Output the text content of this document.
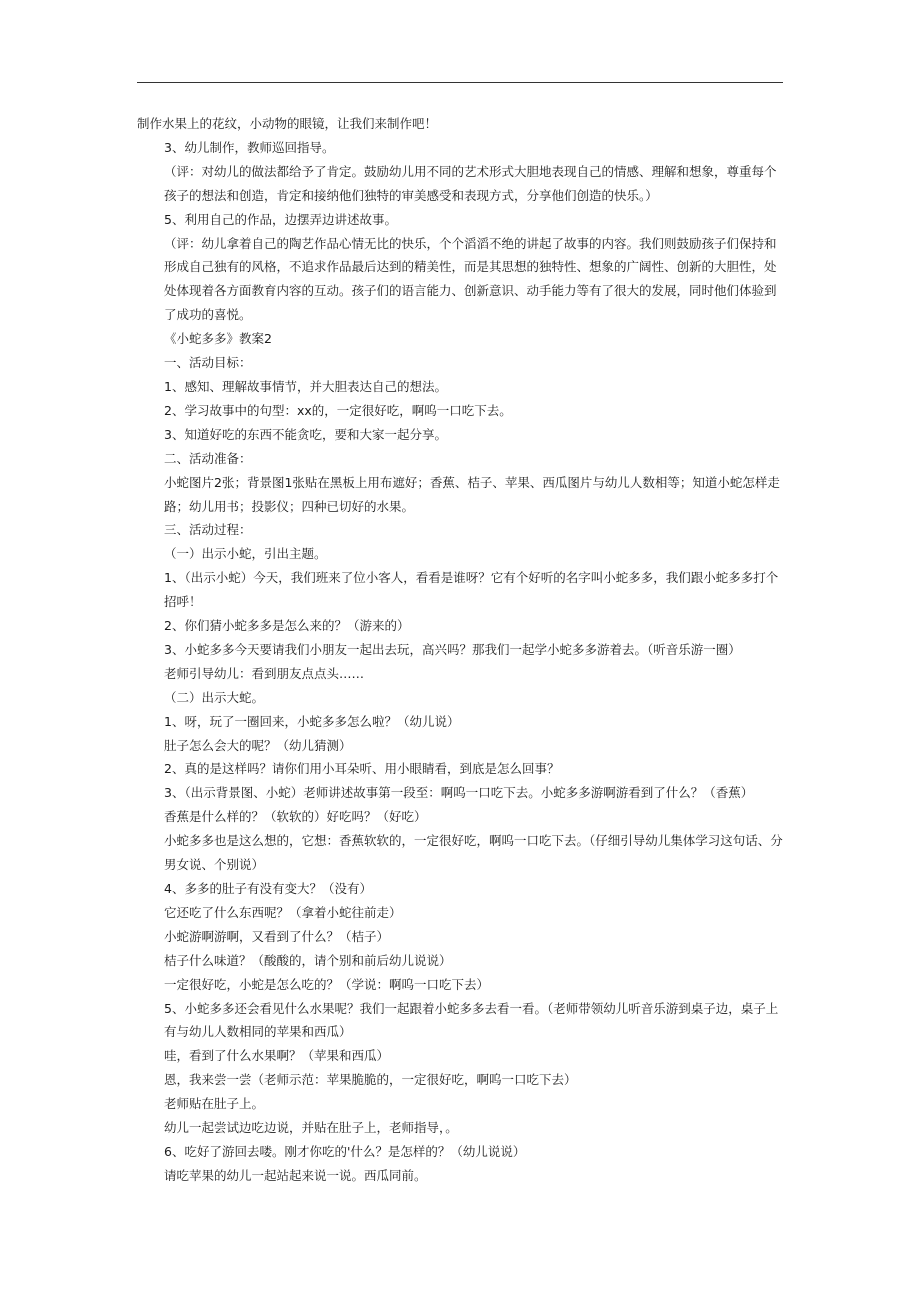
制作水果上的花纹，小动物的眼镜，让我们来制作吧！

3、幼儿制作，教师巡回指导。

（评：对幼儿的做法都给予了肯定。鼓励幼儿用不同的艺术形式大胆地表现自己的情感、理解和想象，尊重每个孩子的想法和创造，肯定和接纳他们独特的审美感受和表现方式，分享他们创造的快乐。）

5、利用自己的作品，边摆弄边讲述故事。

（评：幼儿拿着自己的陶艺作品心情无比的快乐，个个滔滔不绝的讲起了故事的内容。我们则鼓励孩子们保持和形成自己独有的风格，不追求作品最后达到的精美性，而是其思想的独特性、想象的广阔性、创新的大胆性，处处体现着各方面教育内容的互动。孩子们的语言能力、创新意识、动手能力等有了很大的发展，同时他们体验到了成功的喜悦。

《小蛇多多》教案2

一、活动目标：

1、感知、理解故事情节，并大胆表达自己的想法。

2、学习故事中的句型：xx的，一定很好吃，啊呜一口吃下去。

3、知道好吃的东西不能贪吃，要和大家一起分享。

二、活动准备：

小蛇图片2张；背景图1张贴在黑板上用布遮好；香蕉、桔子、苹果、西瓜图片与幼儿人数相等；知道小蛇怎样走路；幼儿用书；投影仪；四种已切好的水果。

三、活动过程：

（一）出示小蛇，引出主题。

1、（出示小蛇）今天，我们班来了位小客人，看看是谁呀？它有个好听的名字叫小蛇多多，我们跟小蛇多多打个招呼！

2、你们猜小蛇多多是怎么来的？（游来的）

3、小蛇多多今天要请我们小朋友一起出去玩，高兴吗？那我们一起学小蛇多多游着去。（听音乐游一圈）

老师引导幼儿：看到朋友点点头……

（二）出示大蛇。

1、呀，玩了一圈回来，小蛇多多怎么啦？（幼儿说）

肚子怎么会大的呢？（幼儿猜测）

2、真的是这样吗？请你们用小耳朵听、用小眼睛看，到底是怎么回事？

3、（出示背景图、小蛇）老师讲述故事第一段至：啊呜一口吃下去。小蛇多多游啊游看到了什么？（香蕉）

香蕉是什么样的？（软软的）好吃吗？（好吃）

小蛇多多也是这么想的，它想：香蕉软软的，一定很好吃，啊呜一口吃下去。（仔细引导幼儿集体学习这句话、分男女说、个别说）

4、多多的肚子有没有变大？（没有）

它还吃了什么东西呢？（拿着小蛇往前走）

小蛇游啊游啊，又看到了什么？（桔子）

桔子什么味道？（酸酸的，请个别和前后幼儿说说）

一定很好吃，小蛇是怎么吃的？（学说：啊呜一口吃下去）

5、小蛇多多还会看见什么水果呢？我们一起跟着小蛇多多去看一看。（老师带领幼儿听音乐游到桌子边，桌子上有与幼儿人数相同的苹果和西瓜）

哇，看到了什么水果啊？（苹果和西瓜）

恩，我来尝一尝（老师示范：苹果脆脆的，一定很好吃，啊呜一口吃下去）

老师贴在肚子上。

幼儿一起尝试边吃边说，并贴在肚子上，老师指导，。

6、吃好了游回去喽。刚才你吃的'什么？是怎样的？（幼儿说说）

请吃苹果的幼儿一起站起来说一说。西瓜同前。
